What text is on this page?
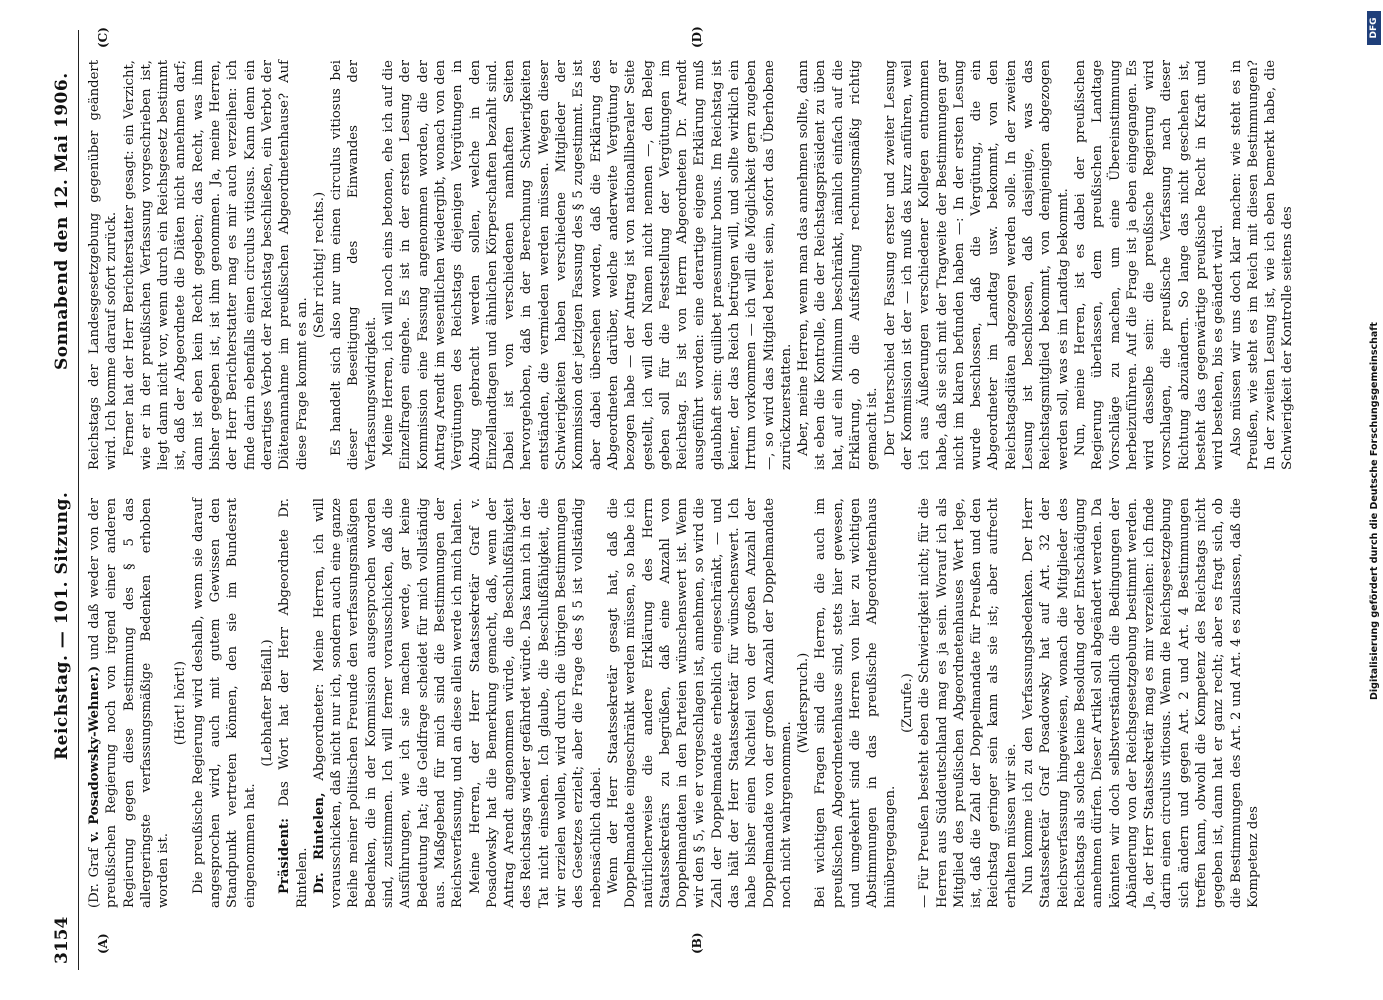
3154
Reichstag. — 101. Sitzung.
Sonnabend den 12. Mai 1906.
(A)	(B)
(C)	(D)

(Dr. Graf v. Posadowsky-Wehner.) und daß weder von der preußischen Regierung noch von irgend einer anderen Regierung gegen diese Bestimmung des § 5 das allergeringste verfassungsmäßige Bedenken erhoben worden ist.

(Hört! hört!) Die preußische Regierung wird deshalb, wenn sie darauf angesprochen wird, auch mit gutem Gewissen den Standpunkt vertreten können, den sie im Bundesrat eingenommen hat.

(Lebhafter Beifall.)

Präsident: Das Wort hat der Herr Abgeordnete Dr. Rintelen. Dr. Rintelen, Abgeordneter: Meine Herren, ich will vorausschicken, daß nicht nur ich, sondern auch eine ganze Reihe meiner politischen Freunde den verfassungsmäßigen Bedenken, die in der Kommission ausgesprochen worden sind, zustimmen. Ich will ferner vorausschicken, daß die Ausführungen, wie ich sie machen werde, gar keine Bedeutung hat; die Geldfrage scheidet für mich vollständig aus. Maßgebend für mich sind die Bestimmungen der Reichsverfassung, und an diese allein werde ich mich halten. Meine Herren, der Herr Staatssekretär Graf v. Posadowsky hat die Bemerkung gemacht, daß, wenn der Antrag Arendt angenommen würde, die Beschlußfähigkeit des Reichstags wieder gefährdet würde. Das kann ich in der Tat nicht einsehen. Ich glaube, die Beschlußfähigkeit, die wir erzielen wollen, wird durch die übrigen Bestimmungen des Gesetzes erzielt; aber die Frage des § 5 ist vollständig nebensächlich dabei. Wenn der Herr Staatssekretär gesagt hat, daß die Doppelmandate eingeschränkt werden müssen, so habe ich natürlicherweise die andere Erklärung des Herrn Staatssekretärs zu begrüßen, daß eine Anzahl von Doppelmandaten in den Parteien wünschenswert ist. Wenn wir den § 5, wie er vorgeschlagen ist, annehmen, so wird die Zahl der Doppelmandate erheblich eingeschränkt, — und das hält der Herr Staatssekretär für wünschenswert. Ich habe bisher einen Nachteil von der großen Anzahl der Doppelmandate von der großen Anzahl der Doppelmandate noch nicht wahrgenommen.

(Widerspruch.) Bei wichtigen Fragen sind die Herren, die auch im preußischen Abgeordnetenhause sind, stets hier gewesen, und umgekehrt sind die Herren von hier zu wichtigen Abstimmungen in das preußische Abgeordnetenhaus hinübergegangen.

(Zurufe.) — Für Preußen besteht eben die Schwierigkeit nicht; für die Herren aus Süddeutschland mag es ja sein. Worauf ich als Mitglied des preußischen Abgeordnetenhauses Wert lege, ist, daß die Zahl der Doppelmandate für Preußen und den Reichstag geringer sein kann als sie ist; aber aufrecht erhalten müssen wir sie. Nun komme ich zu den Verfassungsbedenken. Der Herr Staatssekretär Graf Posadowsky hat auf Art. 32 der Reichsverfassung hingewiesen, wonach die Mitglieder des Reichstags als solche keine Besoldung oder Entschädigung annehmen dürfen. Dieser Artikel soll abgeändert werden. Da könnten wir doch selbstverständlich die Bedingungen der Abänderung von der Reichsgesetzgebung bestimmt werden. Ja, der Herr Staatssekretär mag es mir verzeihen: ich finde darin einen circulus vitiosus. Wenn die Reichsgesetzgebung sich ändern und gegen Art. 2 und Art. 4 Bestimmungen treffen kann, obwohl die Kompetenz des Reichstags nicht gegeben ist, dann hat er ganz recht; aber es fragt sich, ob die Bestimmungen des Art. 2 und Art. 4 es zulassen, daß die Kompetenz des

Reichstags der Landesgesetzgebung gegenüber geändert wird. Ich komme darauf sofort zurück. Ferner hat der Herr Berichterstatter gesagt: ein Verzicht, wie er in der preußischen Verfassung vorgeschrieben ist, liegt dann nicht vor, wenn durch ein Reichsgesetz bestimmt ist, daß der Abgeordnete die Diäten nicht annehmen darf; dann ist eben kein Recht gegeben; das Recht, was ihm bisher gegeben ist, ist ihm genommen. Ja, meine Herren, der Herr Berichterstatter mag es mir auch verzeihen: ich finde darin ebenfalls einen circulus vitiosus. Kann denn ein derartiges Verbot der Reichstag beschließen, ein Verbot der Diätenannahme im preußischen Abgeordnetenhause? Auf diese Frage kommt es an.

(Sehr richtig! rechts.) Es handelt sich also nur um einen circulus vitiosus bei dieser Beseitigung des Einwandes der Verfassungswidrigkeit. Meine Herren, ich will noch eins betonen, ehe ich auf die Einzelfragen eingehe. Es ist in der ersten Lesung der Kommission eine Fassung angenommen worden, die der Antrag Arendt im wesentlichen wiedergibt, wonach von den Vergütungen des Reichstags diejenigen Vergütungen in Abzug gebracht werden sollen, welche in den Einzellandtagen und ähnlichen Körperschaften bezahlt sind. Dabei ist von verschiedenen namhaften Seiten hervorgehoben, daß in der Berechnung Schwierigkeiten entständen, die vermieden werden müssen. Wegen dieser Schwierigkeiten haben verschiedene Mitglieder der Kommission der jetzigen Fassung des § 5 zugestimmt. Es ist aber dabei übersehen worden, daß die Erklärung des Abgeordneten darüber, welche anderweite Vergütung er bezogen habe — der Antrag ist von nationalliberaler Seite gestellt, ich will den Namen nicht nennen —, den Beleg geben soll für die Feststellung der Vergütungen im Reichstag. Es ist von Herrn Abgeordneten Dr. Arendt ausgeführt worden: eine derartige eigene Erklärung muß glaubhaft sein: quilibet praesumitur bonus. Im Reichstag ist keiner, der das Reich betrügen will, und sollte wirklich ein Irrtum vorkommen — ich will die Möglichkeit gern zugeben —, so wird das Mitglied bereit sein, sofort das Überhobene zurückzuerstatten. Aber, meine Herren, wenn man das annehmen sollte, dann ist eben die Kontrolle, die der Reichstagspräsident zu üben hat, auf ein Minimum beschränkt, nämlich einfach auf die Erklärung, ob die Aufstellung rechnungsmäßig richtig gemacht ist. Der Unterschied der Fassung erster und zweiter Lesung der Kommission ist der — ich muß das kurz anführen, weil ich aus Äußerungen verschiedener Kollegen entnommen habe, daß sie sich mit der Tragweite der Bestimmungen gar nicht im klaren befunden haben —: In der ersten Lesung wurde beschlossen, daß die Vergütung, die ein Abgeordneter im Landtag usw. bekommt, von den Reichstagsdiäten abgezogen werden solle. In der zweiten Lesung ist beschlossen, daß dasjenige, was das Reichstagsmitglied bekommt, von demjenigen abgezogen werden soll, was es im Landtag bekommt. Nun, meine Herren, ist es dabei der preußischen Regierung überlassen, dem preußischen Landtage Vorschläge zu machen, um eine Übereinstimmung herbeizuführen. Auf die Frage ist ja eben eingegangen. Es wird dasselbe sein: die preußische Regierung wird vorschlagen, die preußische Verfassung nach dieser Richtung abzuändern. So lange das nicht geschehen ist, besteht das gegenwärtige preußische Recht in Kraft und wird bestehen, bis es geändert wird. Also müssen wir uns doch klar machen: wie steht es in Preußen, wie steht es im Reich mit diesen Bestimmungen? In der zweiten Lesung ist, wie ich eben bemerkt habe, die Schwierigkeit der Kontrolle seitens des	Digitalisierung gefördert durch die Deutsche Forschungsgemeinschaft
DFG
